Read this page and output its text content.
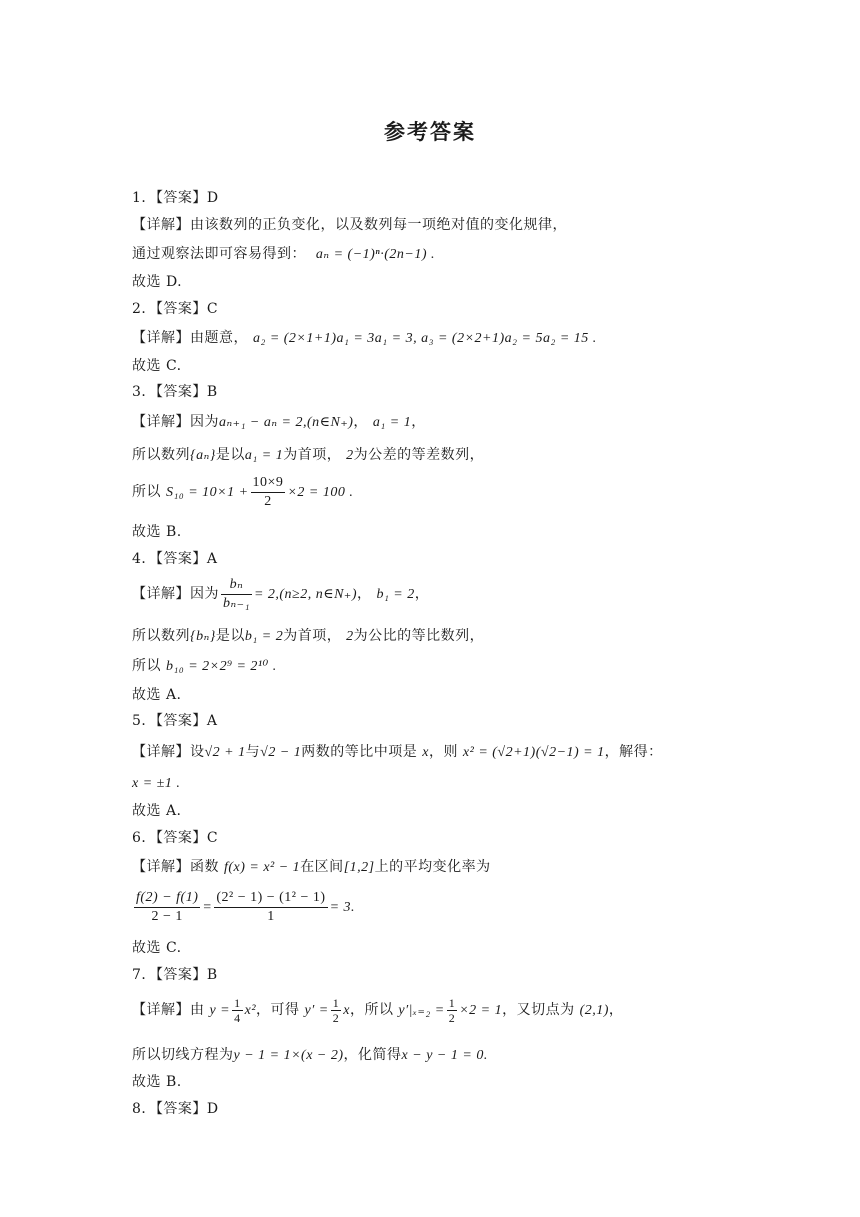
参考答案
1．【答案】D
【详解】由该数列的正负变化，以及数列每一项绝对值的变化规律，
通过观察法即可容易得到： aₙ = (−1)ⁿ·(2n−1) .
故选 D.
2．【答案】C
【详解】由题意， a₂ = (2×1+1)a₁ = 3a₁ = 3, a₃ = (2×2+1)a₂ = 5a₂ = 15 .
故选 C.
3．【答案】B
【详解】因为aₙ₊₁ − aₙ = 2,(n∈N₊)， a₁ = 1，
所以数列{aₙ}是以a₁ = 1为首项， 2为公差的等差数列，
所以 $S_{10} = 10\times 1 + \frac{10\times 9}{2} \times 2 = 100$ .
故选 B.
4．【答案】A
【详解】因为 $\frac{\text{bₙ}}{\text{bₙ₋₁}} = 2,(n\ge 2$, n∈N₊)， b₁ = 2，
所以数列{bₙ}是以b₁ = 2为首项， 2为公比的等比数列，
所以 b₁₀ = 2×2⁹ = 2¹⁰ .
故选 A.
5．【答案】A
【详解】设√2 + 1与√2 − 1两数的等比中项是 x，则 x² = (√2+1)(√2−1) = 1，解得：
x = ±1 .
故选 A.
6．【答案】C
【详解】函数 f(x) = x² − 1在区间[1,2]上的平均变化率为
$\frac{f(2) - f(1)}{2 - 1} = \frac{\text{(2² − 1) − (1² − 1)}}{1} = 3$.
故选 C.
7．【答案】B
【详解】由 $y = \frac{1}{4} x^2$，可得 $y' = \frac{1}{2}$ x，所以 $y'|_{x=2} = \frac{1}{2} \times 2 = 1$，又切点为 (2,1)，
所以切线方程为y − 1 = 1×(x − 2)，化简得x − y − 1 = 0.
故选 B.
8．【答案】D
